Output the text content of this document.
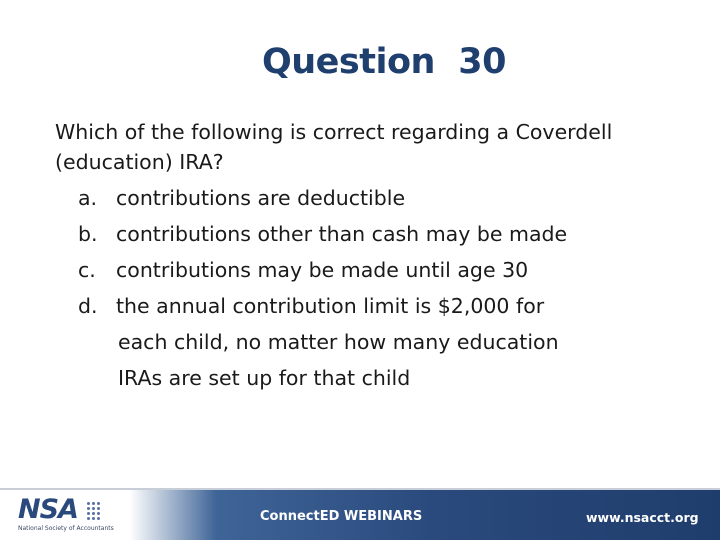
Question  30
Which of the following is correct regarding a Coverdell
(education) IRA?
a. contributions are deductible
b. contributions other than cash may be made
c. contributions may be made until age 30
d. the annual contribution limit is $2,000 for
each child, no matter how many education
IRAs are set up for that child
NSA
National Society of Accountants
ConnectED WEBINARS	www.nsacct.org
